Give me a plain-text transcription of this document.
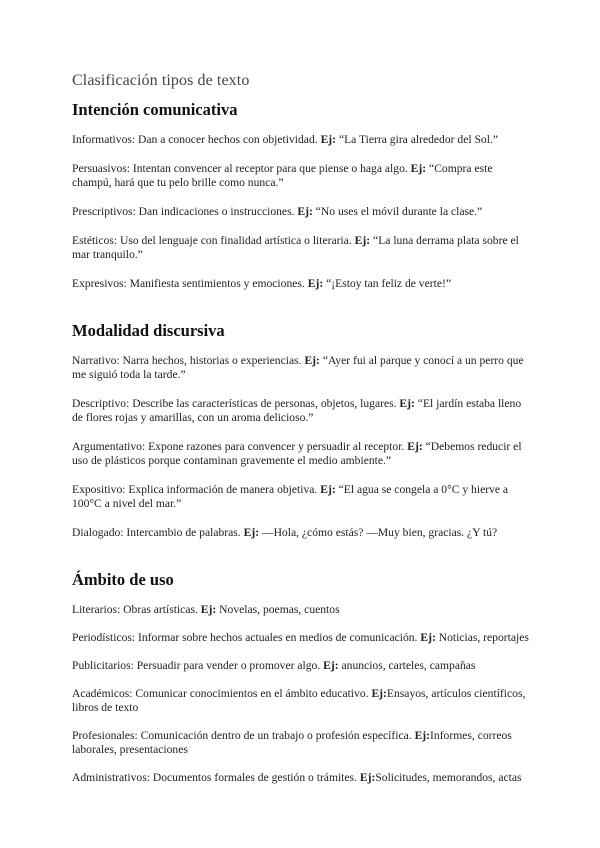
Clasificación tipos de texto
Intención comunicativa

Informativos: Dan a conocer hechos con objetividad. Ej: “La Tierra gira alrededor del Sol.”

Persuasivos: Intentan convencer al receptor para que piense o haga algo. Ej: “Compra este champú, hará que tu pelo brille como nunca.”

Prescriptivos: Dan indicaciones o instrucciones. Ej: “No uses el móvil durante la clase.”

Estéticos: Uso del lenguaje con finalidad artística o literaria. Ej: “La luna derrama plata sobre el mar tranquilo.”

Expresivos: Manifiesta sentimientos y emociones. Ej: “¡Estoy tan feliz de verte!”

Modalidad discursiva

Narrativo: Narra hechos, historias o experiencias. Ej: “Ayer fui al parque y conocí a un perro que me siguió toda la tarde.”

Descriptivo: Describe las características de personas, objetos, lugares. Ej: “El jardín estaba lleno de flores rojas y amarillas, con un aroma delicioso.”

Argumentativo: Expone razones para convencer y persuadir al receptor. Ej: “Debemos reducir el uso de plásticos porque contaminan gravemente el medio ambiente.”

Expositivo: Explica información de manera objetiva. Ej: “El agua se congela a 0°C y hierve a 100°C a nivel del mar.”

Dialogado: Intercambio de palabras. Ej: —Hola, ¿cómo estás? —Muy bien, gracias. ¿Y tú?

Ámbito de uso

Literarios: Obras artísticas. Ej: Novelas, poemas, cuentos

Periodísticos: Informar sobre hechos actuales en medios de comunicación. Ej: Noticias, reportajes

Publicitarios: Persuadir para vender o promover algo. Ej: anuncios, carteles, campañas

Académicos: Comunicar conocimientos en el ámbito educativo. Ej:Ensayos, artículos científicos, libros de texto

Profesionales: Comunicación dentro de un trabajo o profesión específica. Ej:Informes, correos laborales, presentaciones

Administrativos: Documentos formales de gestión o trámites. Ej:Solicitudes, memorandos, actas
